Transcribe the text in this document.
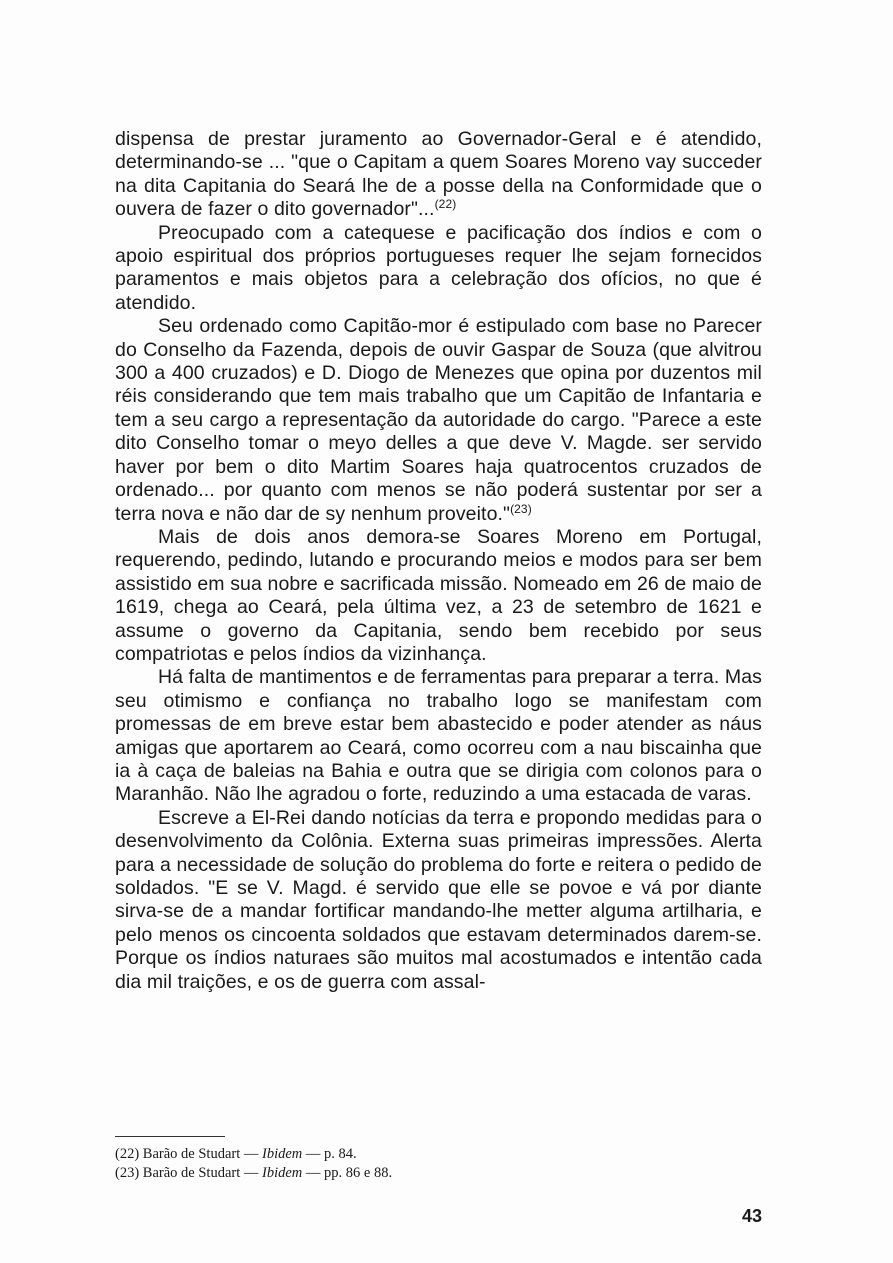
dispensa de prestar juramento ao Governador-Geral e é atendido, determinando-se ... "que o Capitam a quem Soares Moreno vay succeder na dita Capitania do Seará lhe de a posse della na Conformidade que o ouvera de fazer o dito governador"...$^{(22)}$

Preocupado com a catequese e pacificação dos índios e com o apoio espiritual dos próprios portugueses requer lhe sejam fornecidos paramentos e mais objetos para a celebração dos ofícios, no que é atendido.

Seu ordenado como Capitão-mor é estipulado com base no Parecer do Conselho da Fazenda, depois de ouvir Gaspar de Souza (que alvitrou 300 a 400 cruzados) e D. Diogo de Menezes que opina por duzentos mil réis considerando que tem mais trabalho que um Capitão de Infantaria e tem a seu cargo a representação da autoridade do cargo. "Parece a este dito Conselho tomar o meyo delles a que deve V. Magde. ser servido haver por bem o dito Martim Soares haja quatrocentos cruzados de ordenado... por quanto com menos se não poderá sustentar por ser a terra nova e não dar de sy nenhum proveito."$^{(23)}$

Mais de dois anos demora-se Soares Moreno em Portugal, requerendo, pedindo, lutando e procurando meios e modos para ser bem assistido em sua nobre e sacrificada missão. Nomeado em 26 de maio de 1619, chega ao Ceará, pela última vez, a 23 de setembro de 1621 e assume o governo da Capitania, sendo bem recebido por seus compatriotas e pelos índios da vizinhança.

Há falta de mantimentos e de ferramentas para preparar a terra. Mas seu otimismo e confiança no trabalho logo se manifestam com promessas de em breve estar bem abastecido e poder atender as náus amigas que aportarem ao Ceará, como ocorreu com a nau biscainha que ia à caça de baleias na Bahia e outra que se dirigia com colonos para o Maranhão. Não lhe agradou o forte, reduzindo a uma estacada de varas.

Escreve a El-Rei dando notícias da terra e propondo medidas para o desenvolvimento da Colônia. Externa suas primeiras impressões. Alerta para a necessidade de solução do problema do forte e reitera o pedido de soldados. "E se V. Magd. é servido que elle se povoe e vá por diante sirva-se de a mandar fortificar mandando-lhe metter alguma artilharia, e pelo menos os cincoenta soldados que estavam determinados darem-se. Porque os índios naturaes são muitos mal acostumados e intentão cada dia mil traições, e os de guerra com assal-

(22) Barão de Studart — Ibidem — p. 84.
(23) Barão de Studart — Ibidem — pp. 86 e 88.
43
